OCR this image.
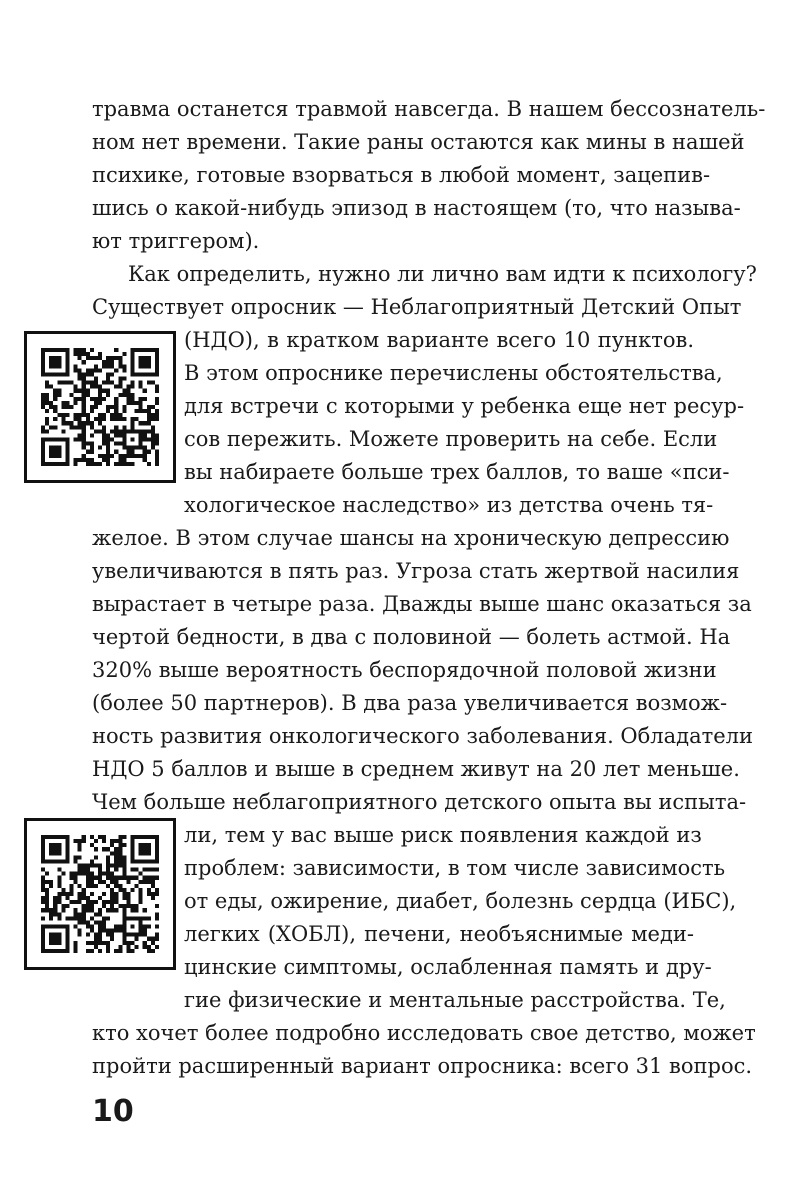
травма останется травмой навсегда. В нашем бессознатель-
ном нет времени. Такие раны остаются как мины в нашей
психике, готовые взорваться в любой момент, зацепив-
шись о какой-нибудь эпизод в настоящем (то, что называ-
ют триггером).
Как определить, нужно ли лично вам идти к психологу?
Существует опросник — Неблагоприятный Детский Опыт
(НДО), в кратком варианте всего 10 пунктов.
В этом опроснике перечислены обстоятельства,
для встречи с которыми у ребенка еще нет ресур-
сов пережить. Можете проверить на себе. Если
вы набираете больше трех баллов, то ваше «пси-
хологическое наследство» из детства очень тя-
желое. В этом случае шансы на хроническую депрессию
увеличиваются в пять раз. Угроза стать жертвой насилия
вырастает в четыре раза. Дважды выше шанс оказаться за
чертой бедности, в два с половиной — болеть астмой. На
320% выше вероятность беспорядочной половой жизни
(более 50 партнеров). В два раза увеличивается возмож-
ность развития онкологического заболевания. Обладатели
НДО 5 баллов и выше в среднем живут на 20 лет меньше.
Чем больше неблагоприятного детского опыта вы испыта-
ли, тем у вас выше риск появления каждой из
проблем: зависимости, в том числе зависимость
от еды, ожирение, диабет, болезнь сердца (ИБС),
легких (ХОБЛ), печени, необъяснимые меди-
цинские симптомы, ослабленная память и дру-
гие физические и ментальные расстройства. Те,
кто хочет более подробно исследовать свое детство, может
пройти расширенный вариант опросника: всего 31 вопрос.
10
